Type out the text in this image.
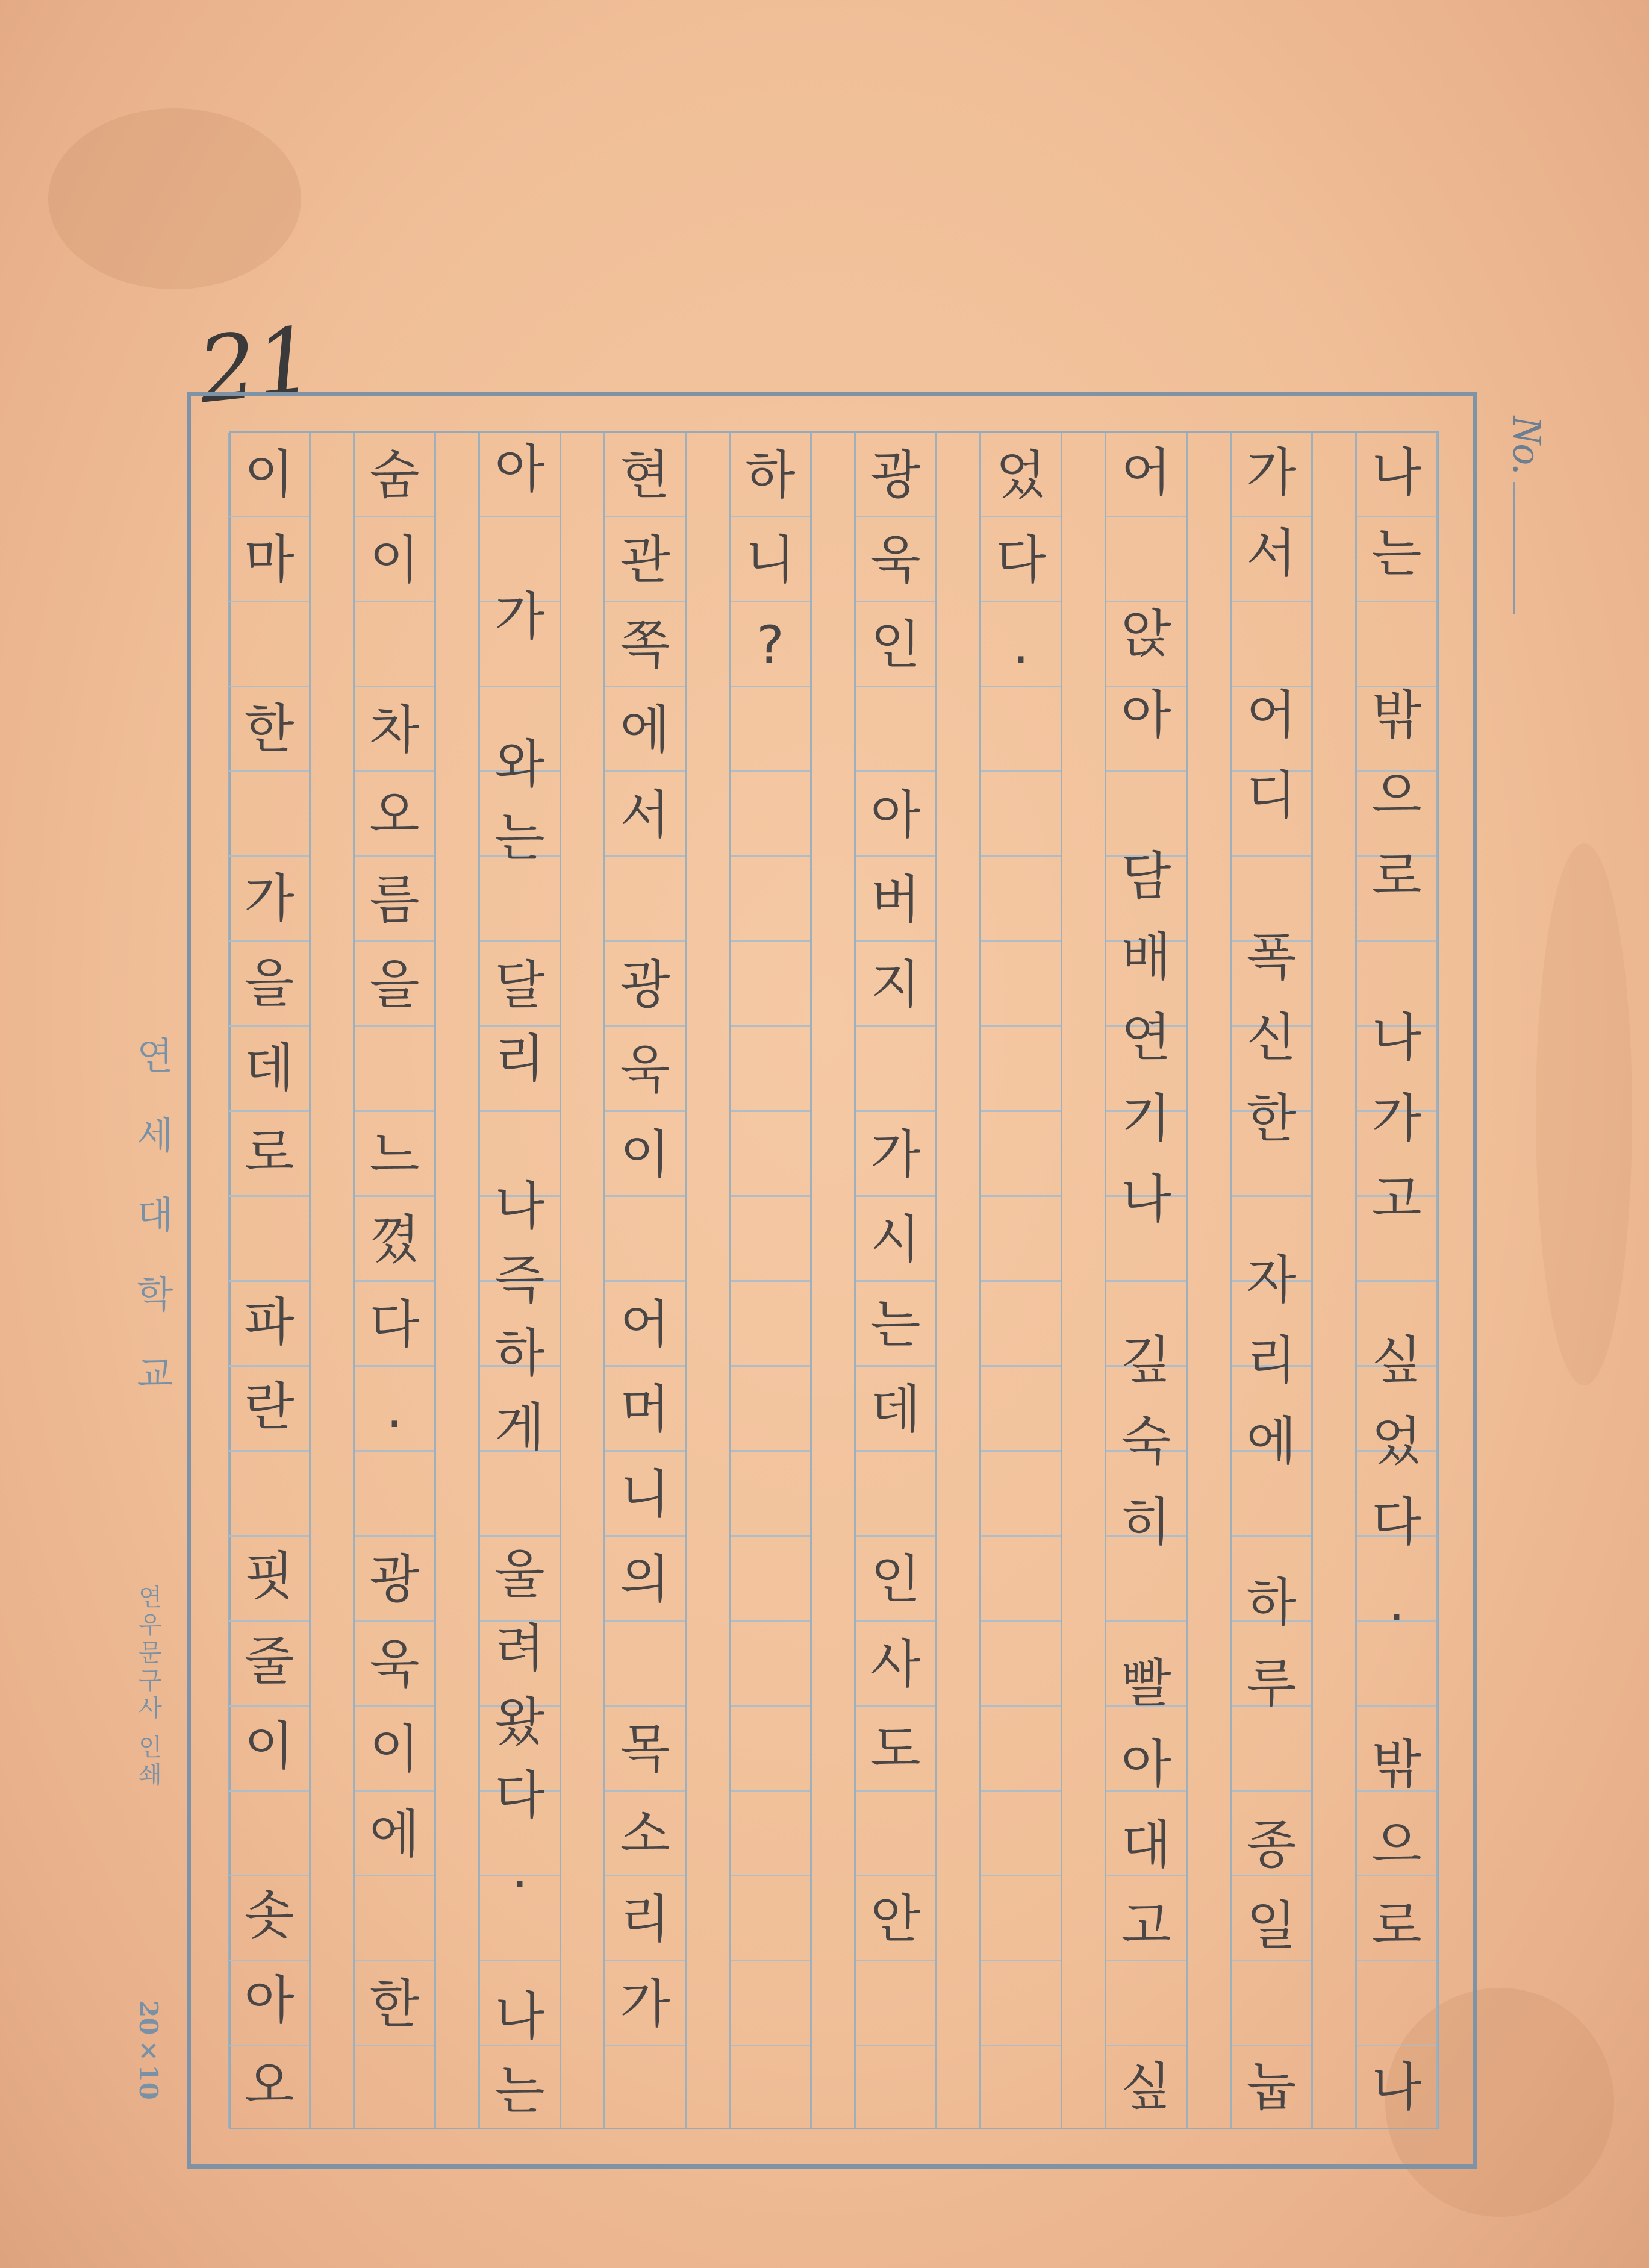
21
No.
나
는
밖
으
로
나
가
고
싶
었
다
.
밖
으
로
나
가
서
어
디
폭
신
한
자
리
에
하
루
종
일
눕
어
앉
아
담
배
연
기
나
깊
숙
히
빨
아
대
고
싶
었
다
.
광
욱
인
아
버
지
가
시
는
데
인
사
도
안
하
니
?
현
관
쪽
에
서
광
욱
이
어
머
니
의
목
소
리
가
아
가
와
는
달
리
나
즉
하
게
울
려
왔
다
.
나
는
숨
이
차
오
름
을
느
꼈
다
.
광
욱
이
에
한
이
마
한
가
을
데
로
파
란
핏
줄
이
솟
아
오
연세대학교
연우문구사 인쇄
20×10
